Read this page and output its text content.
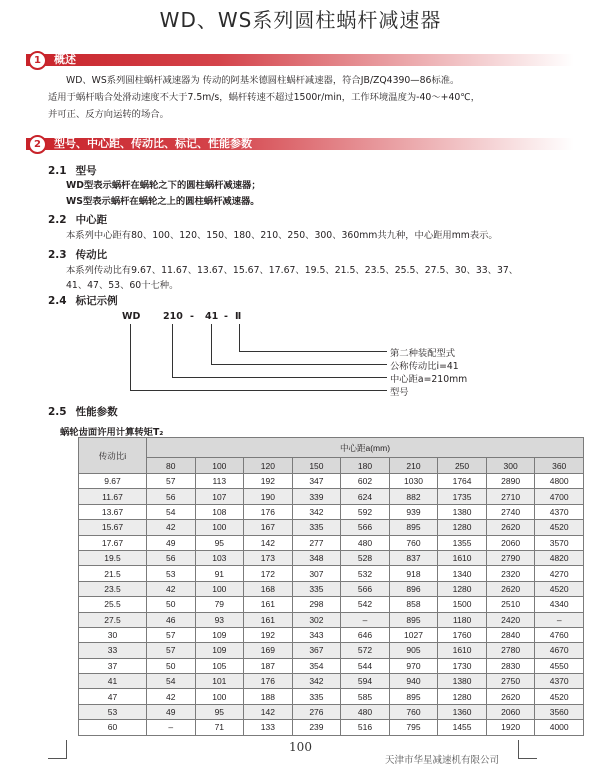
WD、WS系列圆柱蜗杆减速器
1	概述
WD、WS系列圆柱蜗杆减速器为 传动的阿基米德圆柱蜗杆减速器，符合JB/ZQ4390—86标准。
适用于蜗杆啮合处滑动速度不大于7.5m/s，蜗杆转速不超过1500r/min，工作环境温度为-40～+40℃，
并可正、反方向运转的场合。
2	型号、中心距、传动比、标记、性能参数
2.1 型号
WD型表示蜗杆在蜗轮之下的圆柱蜗杆减速器；
WS型表示蜗杆在蜗轮之上的圆柱蜗杆减速器。
2.2 中心距
本系列中心距有80、100、120、150、180、210、250、300、360mm共九种，中心距用mm表示。
2.3 传动比
本系列传动比有9.67、11.67、13.67、15.67、17.67、19.5、21.5、23.5、25.5、27.5、30、33、37、
41、47、53、60十七种。
2.4 标记示例
WD 210 - 41 - Ⅱ
第二种装配型式
公称传动比i=41
中心距a=210mm
型号
2.5 性能参数
蜗轮齿面许用计算转矩T₂
传动比i	中心距a(mm)								
	80	100	120	150	180	210	250	300	360
9.67	57	113	192	347	602	1030	1764	2890	4800
11.67	56	107	190	339	624	882	1735	2710	4700
13.67	54	108	176	342	592	939	1380	2740	4370
15.67	42	100	167	335	566	895	1280	2620	4520
17.67	49	95	142	277	480	760	1355	2060	3570
19.5	56	103	173	348	528	837	1610	2790	4820
21.5	53	91	172	307	532	918	1340	2320	4270
23.5	42	100	168	335	566	896	1280	2620	4520
25.5	50	79	161	298	542	858	1500	2510	4340
27.5	46	93	161	302	–	895	1180	2420	–
30	57	109	192	343	646	1027	1760	2840	4760
33	57	109	169	367	572	905	1610	2780	4670
37	50	105	187	354	544	970	1730	2830	4550
41	54	101	176	342	594	940	1380	2750	4370
47	42	100	188	335	585	895	1280	2620	4520
53	49	95	142	276	480	760	1360	2060	3560
60	–	71	133	239	516	795	1455	1920	4000
100
天津市华星减速机有限公司
